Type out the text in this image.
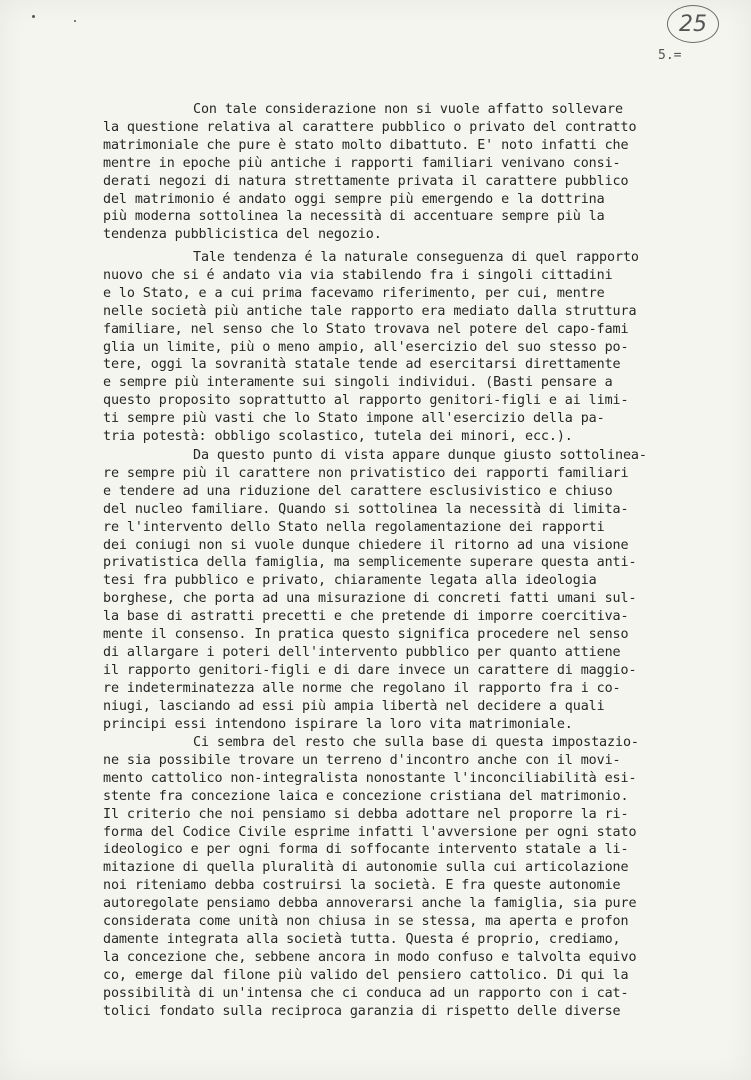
25
5.=
Con tale considerazione non si vuole affatto sollevare
la questione relativa al carattere pubblico o privato del contratto
matrimoniale che pure è stato molto dibattuto. E' noto infatti che
mentre in epoche più antiche i rapporti familiari venivano consi-
derati negozi di natura strettamente privata il carattere pubblico
del matrimonio é andato oggi sempre più emergendo e la dottrina
più moderna sottolinea la necessità di accentuare sempre più la
tendenza pubblicistica del negozio.
Tale tendenza é la naturale conseguenza di quel rapporto
nuovo che si é andato via via stabilendo fra i singoli cittadini
e lo Stato, e a cui prima facevamo riferimento, per cui, mentre
nelle società più antiche tale rapporto era mediato dalla struttura
familiare, nel senso che lo Stato trovava nel potere del capo-fami
glia un limite, più o meno ampio, all'esercizio del suo stesso po-
tere, oggi la sovranità statale tende ad esercitarsi direttamente
e sempre più interamente sui singoli individui. (Basti pensare a
questo proposito soprattutto al rapporto genitori-figli e ai limi-
ti sempre più vasti che lo Stato impone all'esercizio della pa-
tria potestà: obbligo scolastico, tutela dei minori, ecc.).
Da questo punto di vista appare dunque giusto sottolinea-
re sempre più il carattere non privatistico dei rapporti familiari
e tendere ad una riduzione del carattere esclusivistico e chiuso
del nucleo familiare. Quando si sottolinea la necessità di limita-
re l'intervento dello Stato nella regolamentazione dei rapporti
dei coniugi non si vuole dunque chiedere il ritorno ad una visione
privatistica della famiglia, ma semplicemente superare questa anti-
tesi fra pubblico e privato, chiaramente legata alla ideologia
borghese, che porta ad una misurazione di concreti fatti umani sul-
la base di astratti precetti e che pretende di imporre coercitiva-
mente il consenso. In pratica questo significa procedere nel senso
di allargare i poteri dell'intervento pubblico per quanto attiene
il rapporto genitori-figli e di dare invece un carattere di maggio-
re indeterminatezza alle norme che regolano il rapporto fra i co-
niugi, lasciando ad essi più ampia libertà nel decidere a quali
principi essi intendono ispirare la loro vita matrimoniale.
Ci sembra del resto che sulla base di questa impostazio-
ne sia possibile trovare un terreno d'incontro anche con il movi-
mento cattolico non-integralista nonostante l'inconciliabilità esi-
stente fra concezione laica e concezione cristiana del matrimonio.
Il criterio che noi pensiamo si debba adottare nel proporre la ri-
forma del Codice Civile esprime infatti l'avversione per ogni stato
ideologico e per ogni forma di soffocante intervento statale a li-
mitazione di quella pluralità di autonomie sulla cui articolazione
noi riteniamo debba costruirsi la società. E fra queste autonomie
autoregolate pensiamo debba annoverarsi anche la famiglia, sia pure
considerata come unità non chiusa in se stessa, ma aperta e profon
damente integrata alla società tutta. Questa é proprio, crediamo,
la concezione che, sebbene ancora in modo confuso e talvolta equivo
co, emerge dal filone più valido del pensiero cattolico. Di qui la
possibilità di un'intensa che ci conduca ad un rapporto con i cat-
tolici fondato sulla reciproca garanzia di rispetto delle diverse
